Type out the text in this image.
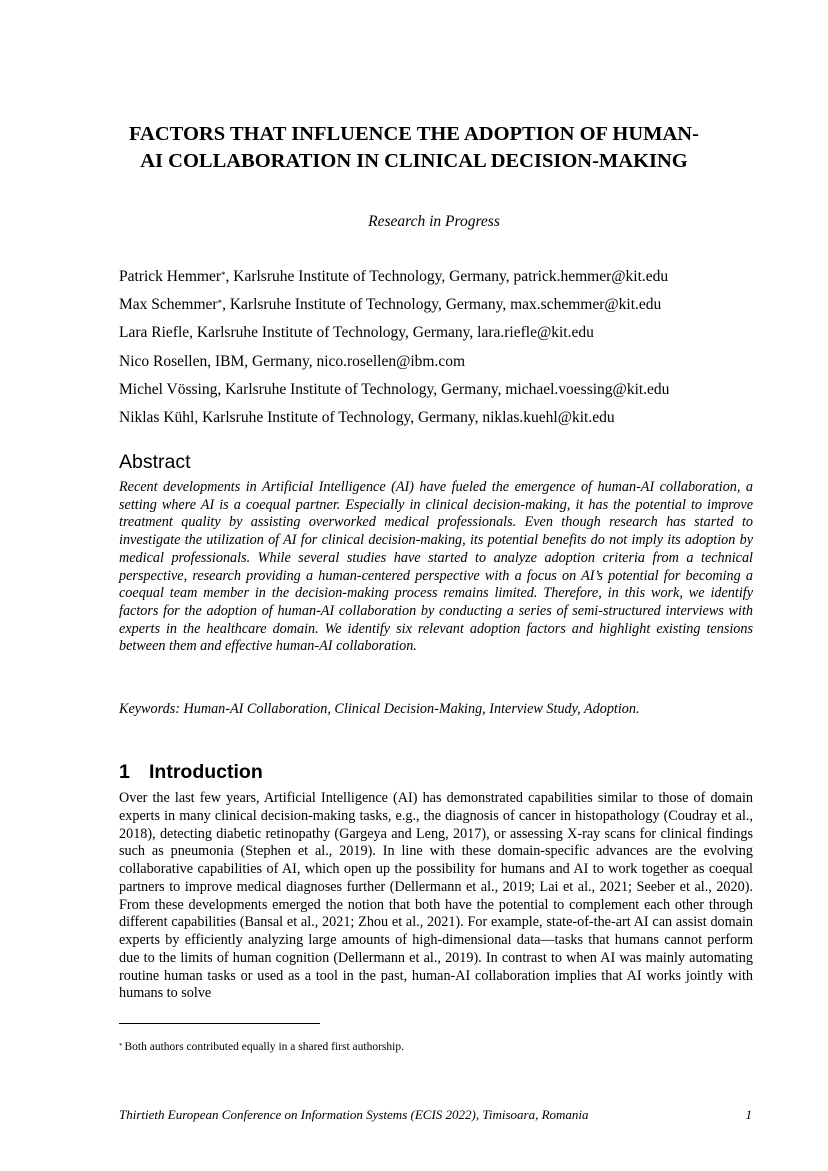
FACTORS THAT INFLUENCE THE ADOPTION OF HUMAN-
AI COLLABORATION IN CLINICAL DECISION-MAKING
Research in Progress
Patrick Hemmer*, Karlsruhe Institute of Technology, Germany, patrick.hemmer@kit.edu
Max Schemmer*, Karlsruhe Institute of Technology, Germany, max.schemmer@kit.edu
Lara Riefle, Karlsruhe Institute of Technology, Germany, lara.riefle@kit.edu
Nico Rosellen, IBM, Germany, nico.rosellen@ibm.com
Michel Vössing, Karlsruhe Institute of Technology, Germany, michael.voessing@kit.edu
Niklas Kühl, Karlsruhe Institute of Technology, Germany, niklas.kuehl@kit.edu
Abstract

Recent developments in Artificial Intelligence (AI) have fueled the emergence of human-AI collaboration, a setting where AI is a coequal partner. Especially in clinical decision-making, it has the potential to improve treatment quality by assisting overworked medical professionals. Even though research has started to investigate the utilization of AI for clinical decision-making, its potential benefits do not imply its adoption by medical professionals. While several studies have started to analyze adoption criteria from a technical perspective, research providing a human-centered perspective with a focus on AI’s potential for becoming a coequal team member in the decision-making process remains limited. Therefore, in this work, we identify factors for the adoption of human-AI collaboration by conducting a series of semi-structured interviews with experts in the healthcare domain. We identify six relevant adoption factors and highlight existing tensions between them and effective human-AI collaboration.

Keywords: Human-AI Collaboration, Clinical Decision-Making, Interview Study, Adoption.

1 Introduction

Over the last few years, Artificial Intelligence (AI) has demonstrated capabilities similar to those of domain experts in many clinical decision-making tasks, e.g., the diagnosis of cancer in histopathology (Coudray et al., 2018), detecting diabetic retinopathy (Gargeya and Leng, 2017), or assessing X-ray scans for clinical findings such as pneumonia (Stephen et al., 2019). In line with these domain-specific advances are the evolving collaborative capabilities of AI, which open up the possibility for humans and AI to work together as coequal partners to improve medical diagnoses further (Dellermann et al., 2019; Lai et al., 2021; Seeber et al., 2020). From these developments emerged the notion that both have the potential to complement each other through different capabilities (Bansal et al., 2021; Zhou et al., 2021). For example, state-of-the-art AI can assist domain experts by efficiently analyzing large amounts of high-dimensional data—tasks that humans cannot perform due to the limits of human cognition (Dellermann et al., 2019). In contrast to when AI was mainly automating routine human tasks or used as a tool in the past, human-AI collaboration implies that AI works jointly with humans to solve

* Both authors contributed equally in a shared first authorship.
Thirtieth European Conference on Information Systems (ECIS 2022), Timisoara, Romania	1
